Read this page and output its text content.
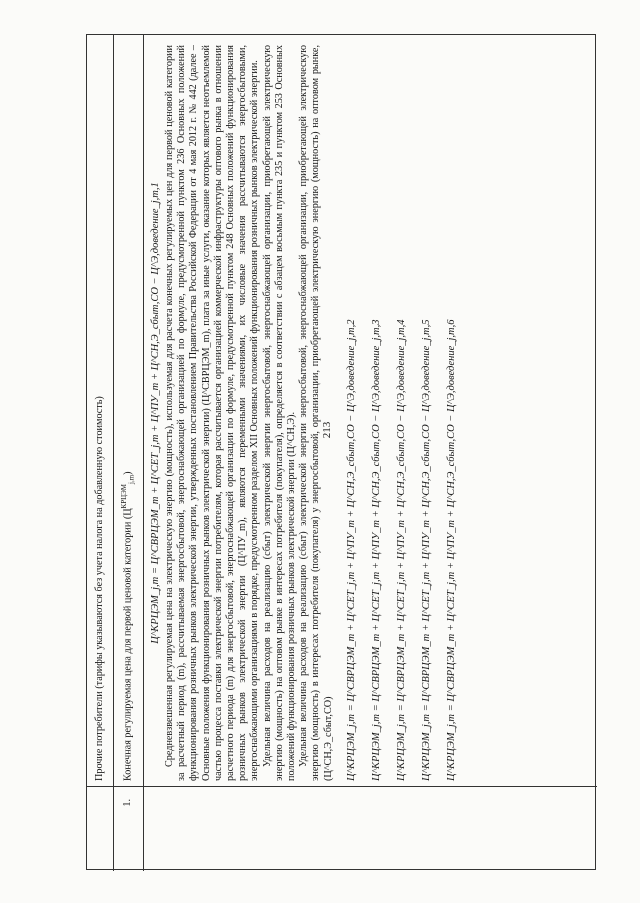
213
Прочие потребители (тарифы указываются без учета налога на добавленную стоимость)
1.
Конечная регулируемая цена для первой ценовой категории $(Ц^{КРЦЭМ}_{j,m})$	Ц^КРЦЭМ_j,m = Ц^СВРЦЭМ_m + Ц^СЕТ_j,m + Ц^ПУ_m + Ц^СН,Э_сбыт,СО − Ц^Э,доведение_j,m,1 Средневзвешенная регулируемая цена на электрическую энергию (мощность), используемая для расчета конечных регулируемых цен для первой ценовой категории за расчетный период (m), рассчитываемая энергосбытовой, энергоснабжающей организацией по формуле, предусмотренной пунктом 236 Основных положений функционирования розничных рынков электрической энергии, утвержденных постановлением Правительства Российской Федерации от 4 мая 2012 г. № 442 (далее – Основные положения функционирования розничных рынков электрической энергии) (Ц^СВРЦЭМ_m), плата за иные услуги, оказание которых является неотъемлемой частью процесса поставки электрической энергии потребителям, которая рассчитывается организацией коммерческой инфраструктуры оптового рынка в отношении расчетного периода (m) для энергосбытовой, энергоснабжающей организации по формуле, предусмотренной пунктом 248 Основных положений функционирования розничных рынков электрической энергии (Ц^ПУ_m), являются переменными значениями, их числовые значения рассчитываются энергосбытовыми, энергоснабжающими организациями в порядке, предусмотренном разделом XII Основных положений функционирования розничных рынков электрической энергии. Удельная величина расходов на реализацию (сбыт) электрической энергии энергосбытовой, энергоснабжающей организации, приобретающей электрическую энергию (мощность) на оптовом рынке в интересах потребителя (покупателя), определяется в соответствии с абзацем восьмым пункта 235 и пунктом 253 Основных положений функционирования розничных рынков электрической энергии (Ц^СН,Э). Удельная величина расходов на реализацию (сбыт) электрической энергии энергосбытовой, энергоснабжающей организации, приобретающей электрическую энергию (мощность) в интересах потребителя (покупателя) у энергосбытовой, организации, приобретающей электрическую энергию (мощность) на оптовом рынке, (Ц^СН,Э_сбыт,СО) Ц^КРЦЭМ_j,m = Ц^СВРЦЭМ_m + Ц^СЕТ_j,m + Ц^ПУ_m + Ц^СН,Э_сбыт,СО − Ц^Э,доведение_j,m,2 Ц^КРЦЭМ_j,m = Ц^СВРЦЭМ_m + Ц^СЕТ_j,m + Ц^ПУ_m + Ц^СН,Э_сбыт,СО − Ц^Э,доведение_j,m,3 Ц^КРЦЭМ_j,m = Ц^СВРЦЭМ_m + Ц^СЕТ_j,m + Ц^ПУ_m + Ц^СН,Э_сбыт,СО − Ц^Э,доведение_j,m,4 Ц^КРЦЭМ_j,m = Ц^СВРЦЭМ_m + Ц^СЕТ_j,m + Ц^ПУ_m + Ц^СН,Э_сбыт,СО − Ц^Э,доведение_j,m,5 Ц^КРЦЭМ_j,m = Ц^СВРЦЭМ_m + Ц^СЕТ_j,m + Ц^ПУ_m + Ц^СН,Э_сбыт,СО − Ц^Э,доведение_j,m,6
